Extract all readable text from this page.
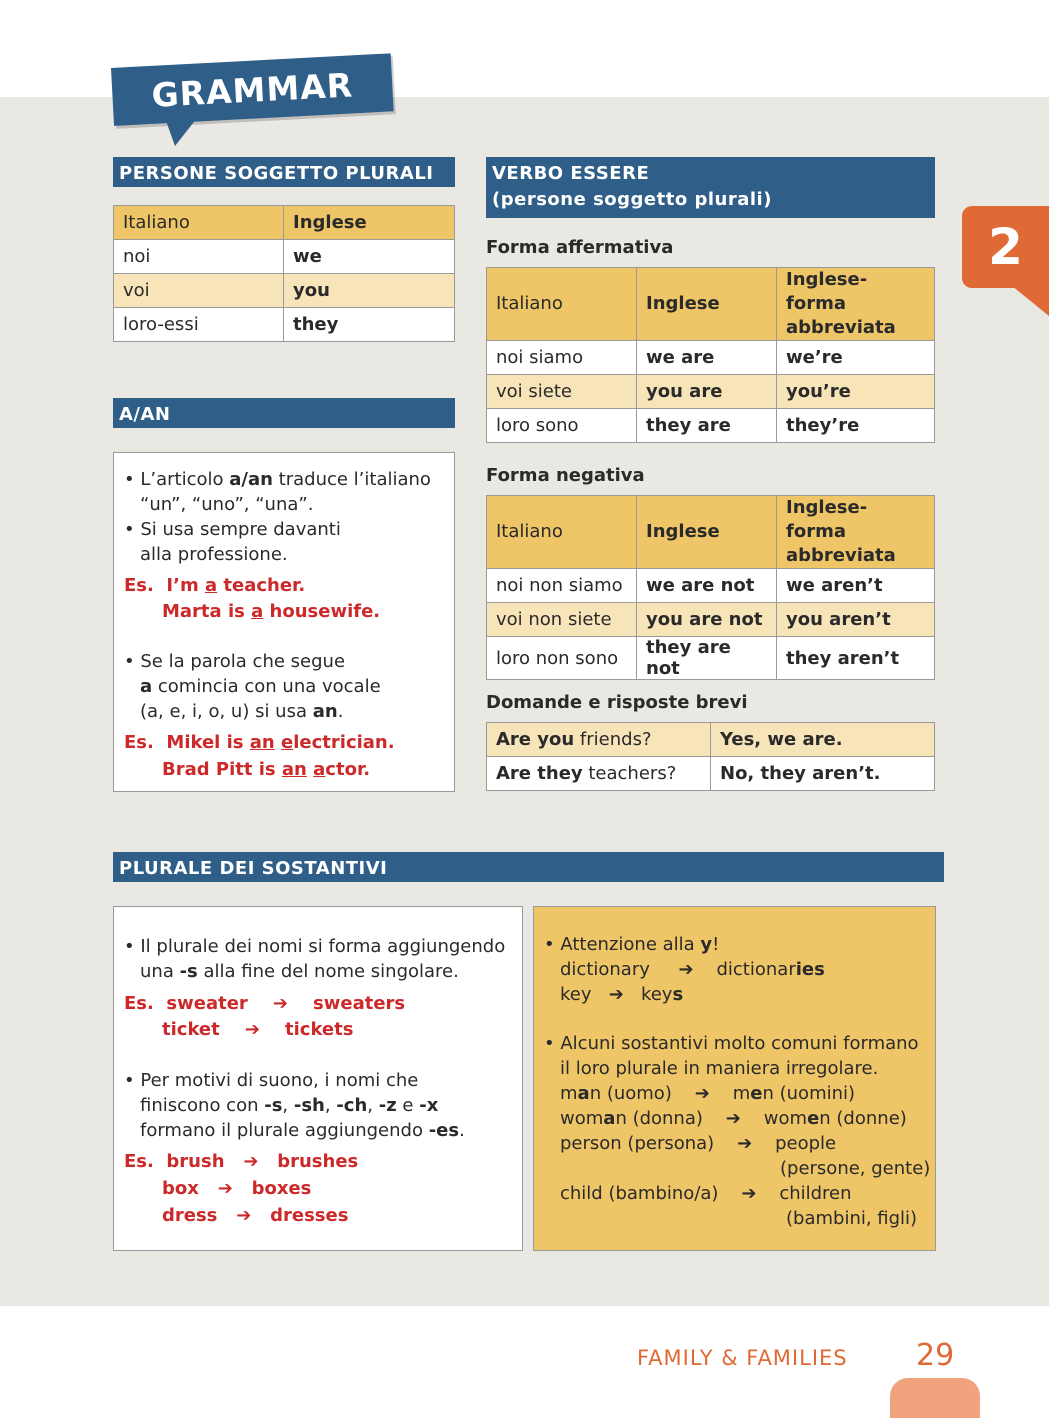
GRAMMAR
2
PERSONE SOGGETTO PLURALI
Italiano	Inglese
noi	we
voi	you
loro-essi	they
A/AN
• L’articolo a/an traduce l’italiano
“un”, “uno”, “una”.
• Si usa sempre davanti
alla professione.
Es. I’m a teacher.
Marta is a housewife.
• Se la parola che segue
a comincia con una vocale
(a, e, i, o, u) si usa an.
Es. Mikel is an electrician.
Brad Pitt is an actor.
VERBO ESSERE
(persone soggetto plurali)
Forma affermativa
Italiano	Inglese	Inglese-forma abbreviata
noi siamo	we are	we’re
voi siete	you are	you’re
loro sono	they are	they’re
Forma negativa
Italiano	Inglese	Inglese-forma abbreviata
noi non siamo	we are not	we aren’t
voi non siete	you are not	you aren’t
loro non sono	they are not	they aren’t
Domande e risposte brevi
Are you friends?	Yes, we are.
Are they teachers?	No, they aren’t.
PLURALE DEI SOSTANTIVI
• Il plurale dei nomi si forma aggiungendo
una -s alla fine del nome singolare.
Es. sweater ➔ sweaters
ticket ➔ tickets
• Per motivi di suono, i nomi che
finiscono con -s, -sh, -ch, -z e -x
formano il plurale aggiungendo -es.
Es. brush ➔ brushes
box ➔ boxes
dress ➔ dresses
• Attenzione alla y!
dictionary ➔ dictionaries
key ➔ keys
• Alcuni sostantivi molto comuni formano
il loro plurale in maniera irregolare.
man (uomo) ➔ men (uomini)
woman (donna) ➔ women (donne)
person (persona) ➔ people
(persone, gente)
child (bambino/a) ➔ children
(bambini, figli)
FAMILY & FAMILIES 29
